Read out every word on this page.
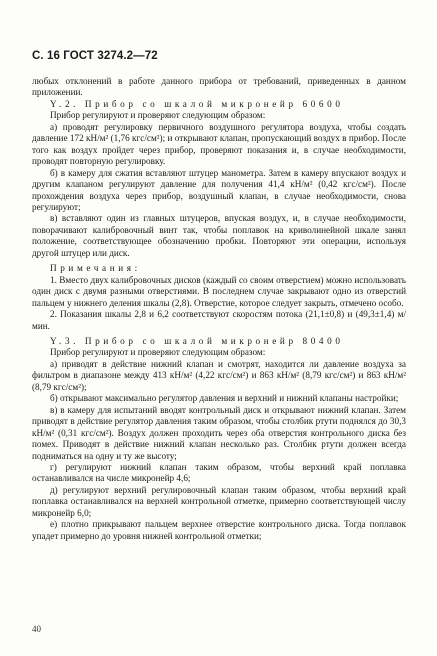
С. 16 ГОСТ 3274.2—72

любых отклонений в работе данного прибора от требований, приведенных в данном приложении.

Y.2. Прибор со шкалой микронейр 60600

Прибор регулируют и проверяют следующим образом:

а) проводят регулировку первичного воздушного регулятора воздуха, чтобы создать давление 172 кН/м² (1,76 кгс/см²); и открывают клапан, пропускающий воздух в прибор. После того как воздух пройдет через прибор, проверяют показания и, в случае необходимости, проводят повторную регулировку.

б) в камеру для сжатия вставляют штуцер манометра. Затем в камеру впускают воздух и другим клапаном регулируют давление для получения 41,4 кН/м² (0,42 кгс/см²). После прохождения воздуха через прибор, воздушный клапан, в случае необходимости, снова регулируют;

в) вставляют один из главных штуцеров, впуская воздух, и, в случае необходимости, поворачивают калибровочный винт так, чтобы поплавок на криволинейной шкале занял положение, соответствующее обозначению пробки. Повторяют эти операции, используя другой штуцер или диск.

Примечания:

1. Вместо двух калибровочных дисков (каждый со своим отверстием) можно использовать один диск с двумя разными отверстиями. В последнем случае закрывают одно из отверстий пальцем у нижнего деления шкалы (2,8). Отверстие, которое следует закрыть, отмечено особо.

2. Показания шкалы 2,8 и 6,2 соответствуют скоростям потока (21,1±0,8) и (49,3±1,4) м/мин.

Y.3. Прибор со шкалой микронейр 80400

Прибор регулируют и проверяют следующим образом:

а) приводят в действие нижний клапан и смотрят, находится ли давление воздуха за фильтром в диапазоне между 413 кН/м² (4,22 кгс/см²) и 863 кН/м² (8,79 кгс/см²) и 863 кН/м² (8,79 кгс/см²);

б) открывают максимально регулятор давления и верхний и нижний клапаны настройки;

в) в камеру для испытаний вводят контрольный диск и открывают нижний клапан. Затем приводят в действие регулятор давления таким образом, чтобы столбик ртути поднялся до 30,3 кН/м² (0,31 кгс/см²). Воздух должен проходить через оба отверстия контрольного диска без помех. Приводят в действие нижний клапан несколько раз. Столбик ртути должен всегда подниматься на одну и ту же высоту;

г) регулируют нижний клапан таким образом, чтобы верхний край поплавка останавливался на числе микронейр 4,6;

д) регулируют верхний регулировочный клапан таким образом, чтобы верхний край поплавка останавливался на верхней контрольной отметке, примерно соответствующей числу микронейр 6,0;

е) плотно прикрывают пальцем верхнее отверстие контрольного диска. Тогда поплавок упадет примерно до уровня нижней контрольной отметки;

40
